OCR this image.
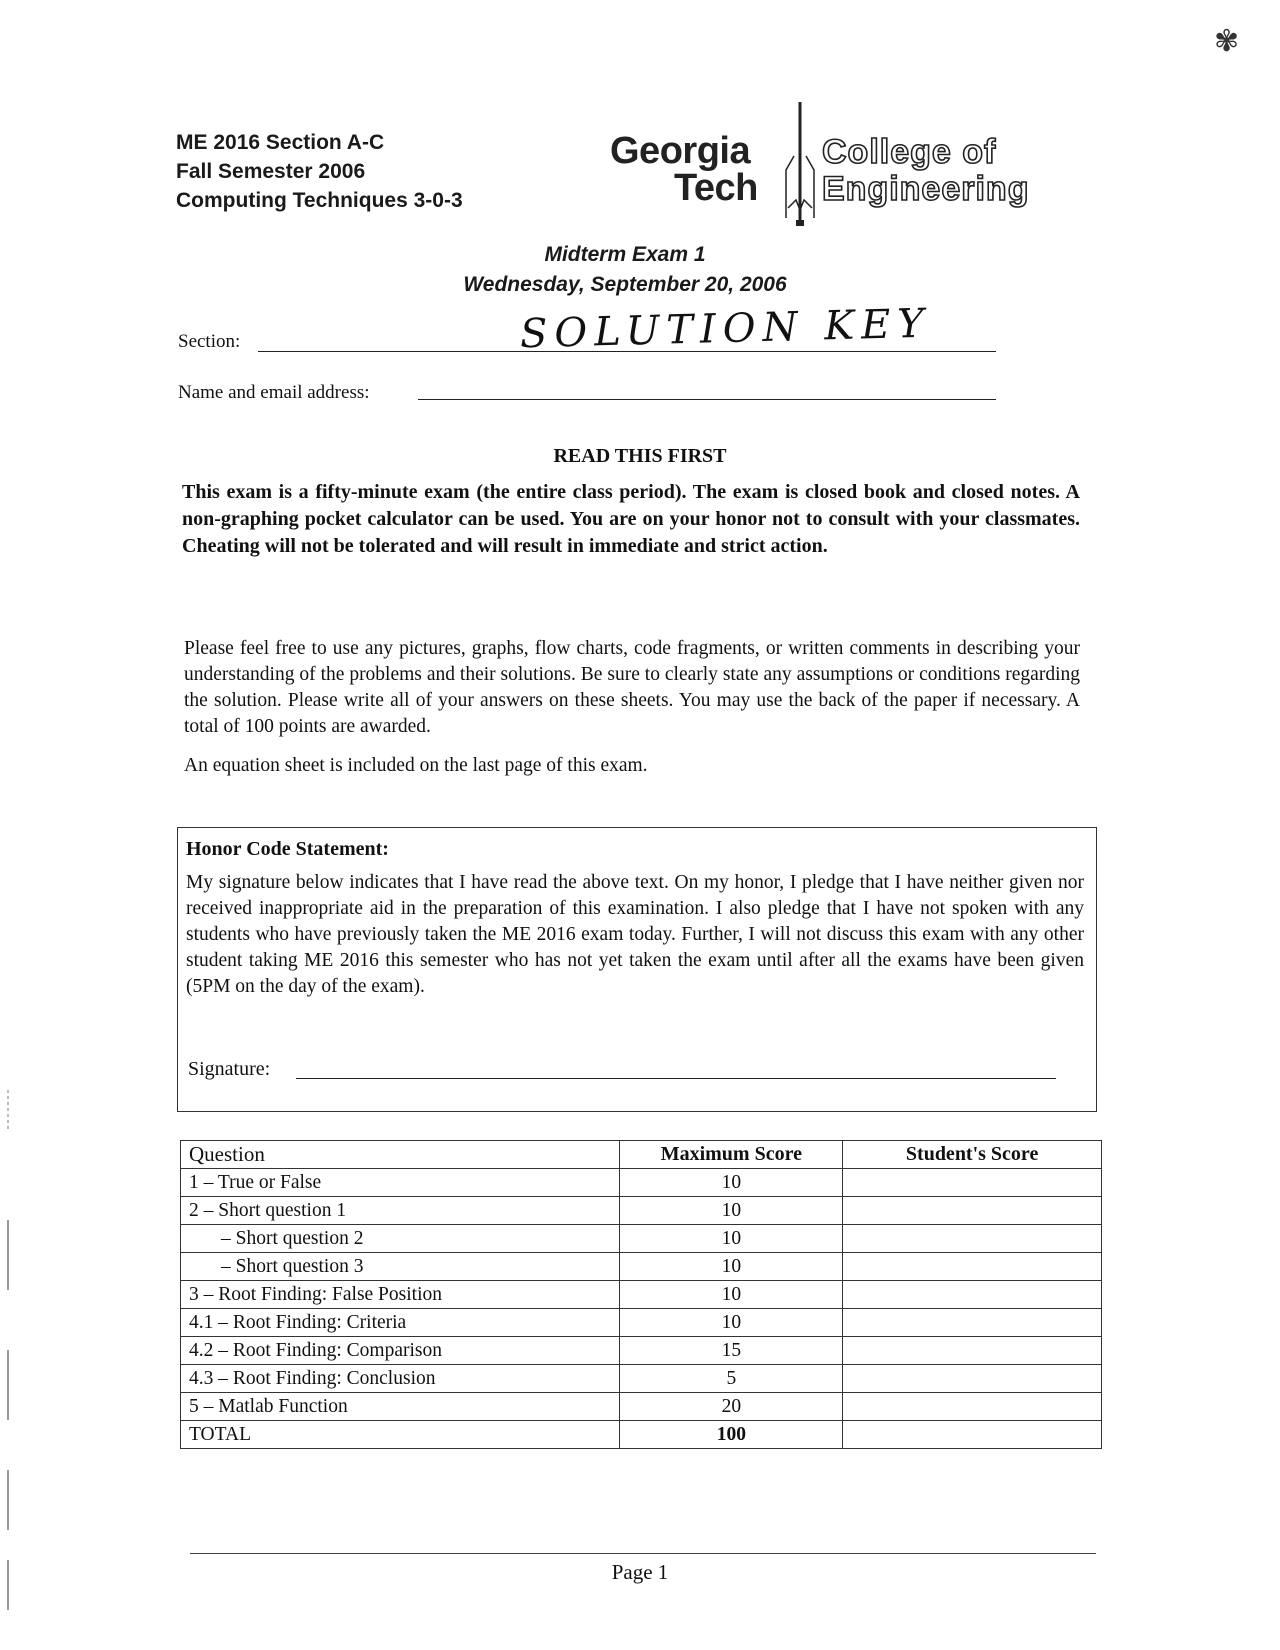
✾
ME 2016 Section A-C
Fall Semester 2006
Computing Techniques 3-0-3
Georgia
Tech
College of
Engineering
Midterm Exam 1
Wednesday, September 20, 2006
Section:	SOLUTION KEY
Name and email address:
READ THIS FIRST
This exam is a fifty-minute exam (the entire class period). The exam is closed book and closed notes. A non-graphing pocket calculator can be used. You are on your honor not to consult with your classmates. Cheating will not be tolerated and will result in immediate and strict action.
Please feel free to use any pictures, graphs, flow charts, code fragments, or written comments in describing your understanding of the problems and their solutions. Be sure to clearly state any assumptions or conditions regarding the solution. Please write all of your answers on these sheets. You may use the back of the paper if necessary. A total of 100 points are awarded.
An equation sheet is included on the last page of this exam.
Honor Code Statement:
My signature below indicates that I have read the above text. On my honor, I pledge that I have neither given nor received inappropriate aid in the preparation of this examination. I also pledge that I have not spoken with any students who have previously taken the ME 2016 exam today. Further, I will not discuss this exam with any other student taking ME 2016 this semester who has not yet taken the exam until after all the exams have been given (5PM on the day of the exam).
Signature:
Question	Maximum Score	Student's Score
1 – True or False	10	
2 – Short question 1	10	
– Short question 2	10	
– Short question 3	10	
3 – Root Finding: False Position	10	
4.1 – Root Finding: Criteria	10	
4.2 – Root Finding: Comparison	15	
4.3 – Root Finding: Conclusion	5	
5 – Matlab Function	20	
TOTAL	100	
Page 1
